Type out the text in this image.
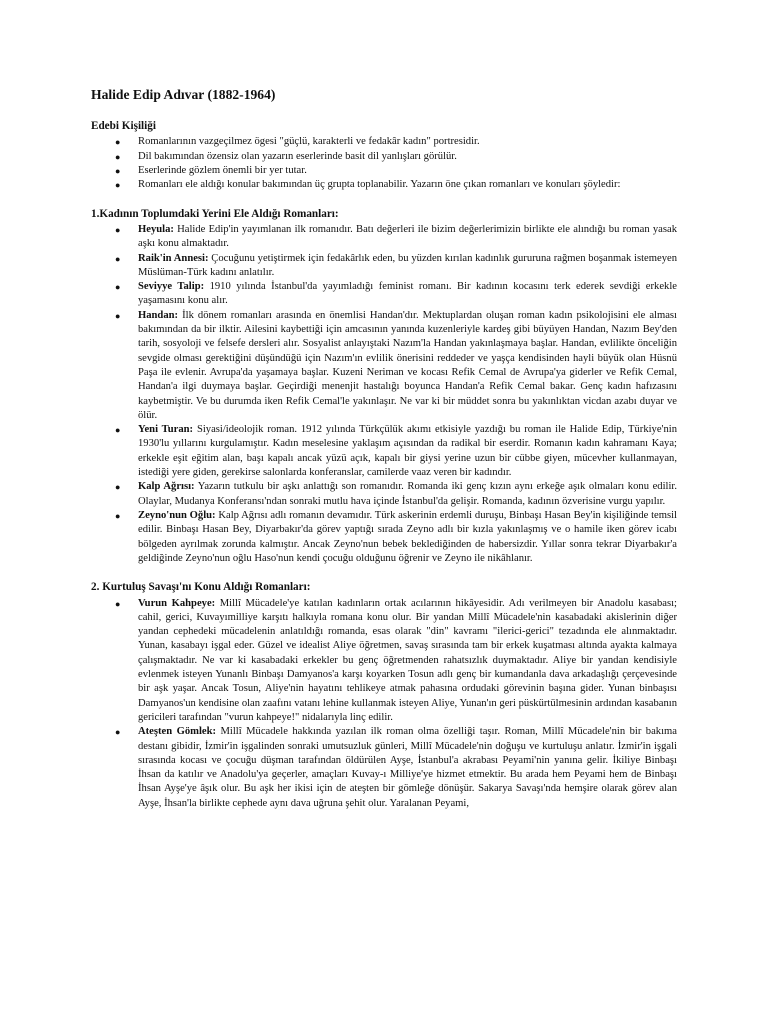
Halide Edip Adıvar (1882-1964)
Edebi Kişiliği
● Romanlarının vazgeçilmez ögesi "güçlü, karakterli ve fedakâr kadın" portresidir.
● Dil bakımından özensiz olan yazarın eserlerinde basit dil yanlışları görülür.
● Eserlerinde gözlem önemli bir yer tutar.
● Romanları ele aldığı konular bakımından üç grupta toplanabilir. Yazarın öne çıkan romanları ve konuları şöyledir:
1.Kadının Toplumdaki Yerini Ele Aldığı Romanları:
● Heyula: Halide Edip'in yayımlanan ilk romanıdır. Batı değerleri ile bizim değerlerimizin birlikte ele alındığı bu roman yasak aşkı konu almaktadır.
● Raik'in Annesi: Çocuğunu yetiştirmek için fedakârlık eden, bu yüzden kırılan kadınlık gururuna rağmen boşanmak istemeyen Müslüman-Türk kadını anlatılır.
● Seviyye Talip: 1910 yılında İstanbul'da yayımladığı feminist romanı. Bir kadının kocasını terk ederek sevdiği erkekle yaşamasını konu alır.
● Handan: İlk dönem romanları arasında en önemlisi Handan'dır. Mektuplardan oluşan roman kadın psikolojisini ele alması bakımından da bir ilktir. Ailesini kaybettiği için amcasının yanında kuzenleriyle kardeş gibi büyüyen Handan, Nazım Bey'den tarih, sosyoloji ve felsefe dersleri alır. Sosyalist anlayıştaki Nazım'la Handan yakınlaşmaya başlar. Handan, evlilikte önceliğin sevgide olması gerektiğini düşündüğü için Nazım'ın evlilik önerisini reddeder ve yaşça kendisinden hayli büyük olan Hüsnü Paşa ile evlenir. Avrupa'da yaşamaya başlar. Kuzeni Neriman ve kocası Refik Cemal de Avrupa'ya giderler ve Refik Cemal, Handan'a ilgi duymaya başlar. Geçirdiği menenjit hastalığı boyunca Handan'a Refik Cemal bakar. Genç kadın hafızasını kaybetmiştir. Ve bu durumda iken Refik Cemal'le yakınlaşır. Ne var ki bir müddet sonra bu yakınlıktan vicdan azabı duyar ve ölür.
● Yeni Turan: Siyasi/ideolojik roman. 1912 yılında Türkçülük akımı etkisiyle yazdığı bu roman ile Halide Edip, Türkiye'nin 1930'lu yıllarını kurgulamıştır. Kadın meselesine yaklaşım açısından da radikal bir eserdir. Romanın kadın kahramanı Kaya; erkekle eşit eğitim alan, başı kapalı ancak yüzü açık, kapalı bir giysi yerine uzun bir cübbe giyen, mücevher kullanmayan, istediği yere giden, gerekirse salonlarda konferanslar, camilerde vaaz veren bir kadındır.
● Kalp Ağrısı: Yazarın tutkulu bir aşkı anlattığı son romanıdır. Romanda iki genç kızın aynı erkeğe aşık olmaları konu edilir. Olaylar, Mudanya Konferansı'ndan sonraki mutlu hava içinde İstanbul'da gelişir. Romanda, kadının özverisine vurgu yapılır.
● Zeyno'nun Oğlu: Kalp Ağrısı adlı romanın devamıdır. Türk askerinin erdemli duruşu, Binbaşı Hasan Bey'in kişiliğinde temsil edilir. Binbaşı Hasan Bey, Diyarbakır'da görev yaptığı sırada Zeyno adlı bir kızla yakınlaşmış ve o hamile iken görev icabı bölgeden ayrılmak zorunda kalmıştır. Ancak Zeyno'nun bebek beklediğinden de habersizdir. Yıllar sonra tekrar Diyarbakır'a geldiğinde Zeyno'nun oğlu Haso'nun kendi çocuğu olduğunu öğrenir ve Zeyno ile nikâhlanır.
2. Kurtuluş Savaşı'nı Konu Aldığı Romanları:
● Vurun Kahpeye: Millî Mücadele'ye katılan kadınların ortak acılarının hikâyesidir. Adı verilmeyen bir Anadolu kasabası; cahil, gerici, Kuvayımilliye karşıtı halkıyla romana konu olur. Bir yandan Millî Mücadele'nin kasabadaki akislerinin diğer yandan cephedeki mücadelenin anlatıldığı romanda, esas olarak "din" kavramı "ilerici-gerici" tezadında ele alınmaktadır. Yunan, kasabayı işgal eder. Güzel ve idealist Aliye öğretmen, savaş sırasında tam bir erkek kuşatması altında ayakta kalmaya çalışmaktadır. Ne var ki kasabadaki erkekler bu genç öğretmenden rahatsızlık duymaktadır. Aliye bir yandan kendisiyle evlenmek isteyen Yunanlı Binbaşı Damyanos'a karşı koyarken Tosun adlı genç bir kumandanla dava arkadaşlığı çerçevesinde bir aşk yaşar. Ancak Tosun, Aliye'nin hayatını tehlikeye atmak pahasına ordudaki görevinin başına gider. Yunan binbaşısı Damyanos'un kendisine olan zaafını vatanı lehine kullanmak isteyen Aliye, Yunan'ın geri püskürtülmesinin ardından kasabanın gericileri tarafından "vurun kahpeye!" nidalarıyla linç edilir.
● Ateşten Gömlek: Millî Mücadele hakkında yazılan ilk roman olma özelliği taşır. Roman, Millî Mücadele'nin bir bakıma destanı gibidir, İzmir'in işgalinden sonraki umutsuzluk günleri, Millî Mücadele'nin doğuşu ve kurtuluşu anlatır. İzmir'in işgali sırasında kocası ve çocuğu düşman tarafından öldürülen Ayşe, İstanbul'a akrabası Peyami'nin yanına gelir. İkiliye Binbaşı İhsan da katılır ve Anadolu'ya geçerler, amaçları Kuvay-ı Milliye'ye hizmet etmektir. Bu arada hem Peyami hem de Binbaşı İhsan Ayşe'ye âşık olur. Bu aşk her ikisi için de ateşten bir gömleğe dönüşür. Sakarya Savaşı'nda hemşire olarak görev alan Ayşe, İhsan'la birlikte cephede aynı dava uğruna şehit olur. Yaralanan Peyami,
